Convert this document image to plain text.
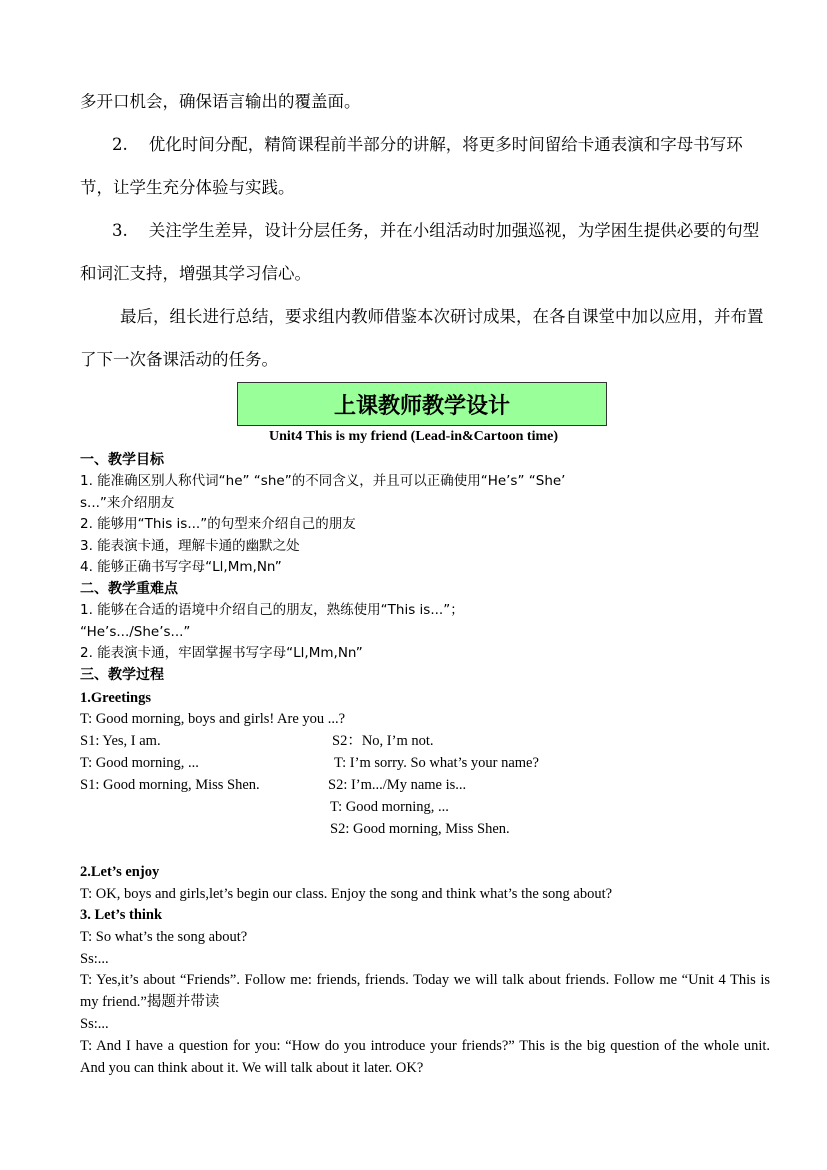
多开口机会，确保语言输出的覆盖面。

2.    优化时间分配，精简课程前半部分的讲解，将更多时间留给卡通表演和字母书写环节，让学生充分体验与实践。

3.    关注学生差异，设计分层任务，并在小组活动时加强巡视，为学困生提供必要的句型和词汇支持，增强其学习信心。

最后，组长进行总结，要求组内教师借鉴本次研讨成果，在各自课堂中加以应用，并布置了下一次备课活动的任务。

上课教师教学设计
Unit4 This is my friend (Lead-in&Cartoon time)
一、教学目标
1. 能准确区别人称代词“he” “she”的不同含义，并且可以正确使用“He’s” “She’
s...”来介绍朋友
2. 能够用“This is...”的句型来介绍自己的朋友
3. 能表演卡通，理解卡通的幽默之处
4. 能够正确书写字母“Ll,Mm,Nn”
二、教学重难点
1. 能够在合适的语境中介绍自己的朋友，熟练使用“This is...”；
“He’s.../She’s...”
2. 能表演卡通，牢固掌握书写字母“Ll,Mm,Nn”
三、教学过程
1.Greetings
T: Good morning, boys and girls! Are you ...?
S1: Yes, I am.	S2：No, I’m not.
T: Good morning, ...	T: I’m sorry. So what’s your name?
S1: Good morning, Miss Shen.	S2: I’m.../My name is...
T: Good morning, ...
S2: Good morning, Miss Shen.
2.Let’s enjoy
T: OK, boys and girls,let’s begin our class. Enjoy the song and think what’s the song about?
3. Let’s think
T: So what’s the song about?
Ss:...
T: Yes,it’s about “Friends”. Follow me: friends, friends. Today we will talk about friends. Follow me “Unit 4 This is my friend.”揭题并带读
Ss:...
T: And I have a question for you: “How do you introduce your friends?” This is the big question of the whole unit. And you can think about it. We will talk about it later. OK?
